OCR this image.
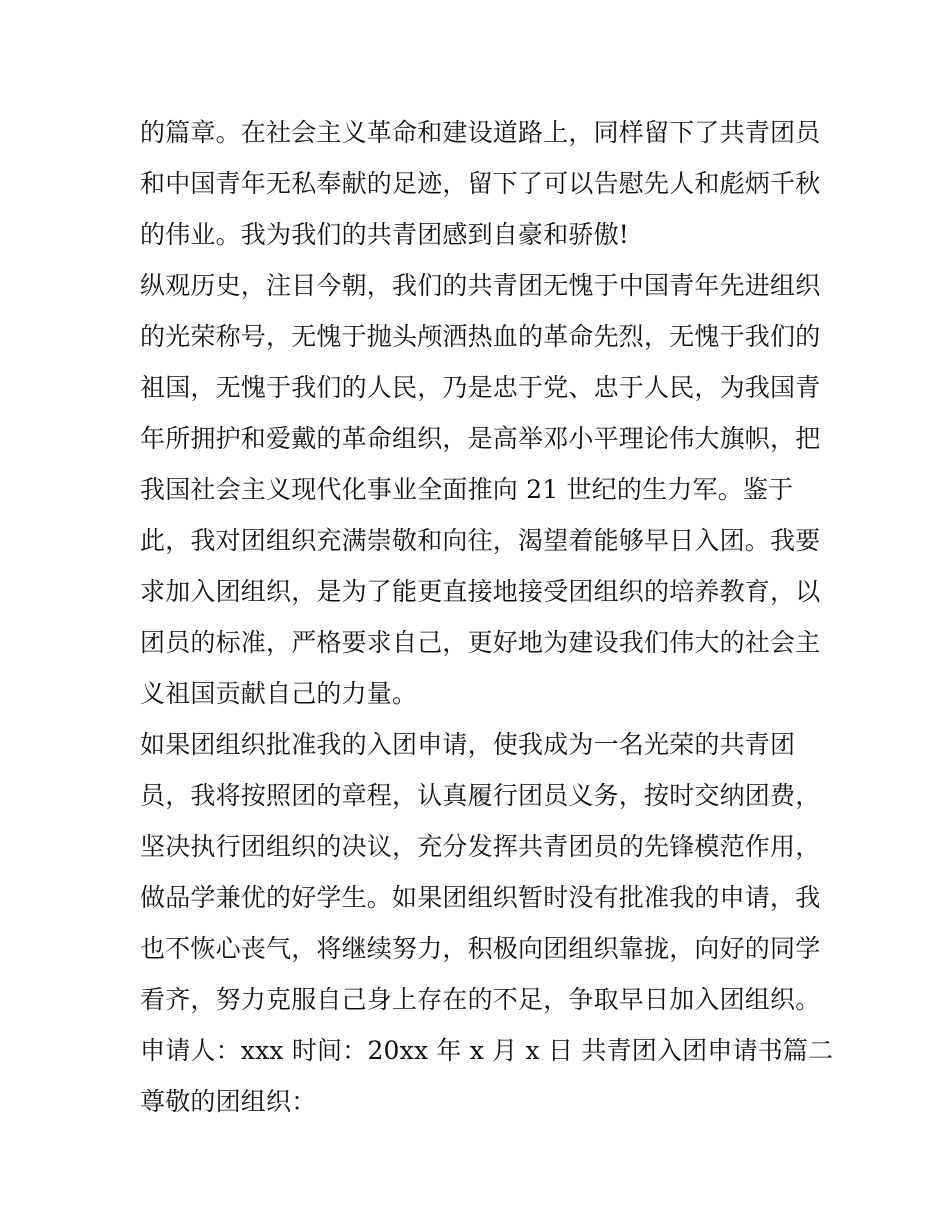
的篇章。在社会主义革命和建设道路上，同样留下了共青团员
和中国青年无私奉献的足迹，留下了可以告慰先人和彪炳千秋
的伟业。我为我们的共青团感到自豪和骄傲!
纵观历史，注目今朝，我们的共青团无愧于中国青年先进组织
的光荣称号，无愧于抛头颅洒热血的革命先烈，无愧于我们的
祖国，无愧于我们的人民，乃是忠于党、忠于人民，为我国青
年所拥护和爱戴的革命组织，是高举邓小平理论伟大旗帜，把
我国社会主义现代化事业全面推向 21 世纪的生力军。鉴于
此，我对团组织充满崇敬和向往，渴望着能够早日入团。我要
求加入团组织，是为了能更直接地接受团组织的培养教育，以
团员的标准，严格要求自己，更好地为建设我们伟大的社会主
义祖国贡献自己的力量。
如果团组织批准我的入团申请，使我成为一名光荣的共青团
员，我将按照团的章程，认真履行团员义务，按时交纳团费，
坚决执行团组织的决议，充分发挥共青团员的先锋模范作用，
做品学兼优的好学生。如果团组织暂时没有批准我的申请，我
也不恢心丧气，将继续努力，积极向团组织靠拢，向好的同学
看齐，努力克服自己身上存在的不足，争取早日加入团组织。
申请人：xxx 时间：20xx 年 x 月 x 日 共青团入团申请书篇二
尊敬的团组织：
